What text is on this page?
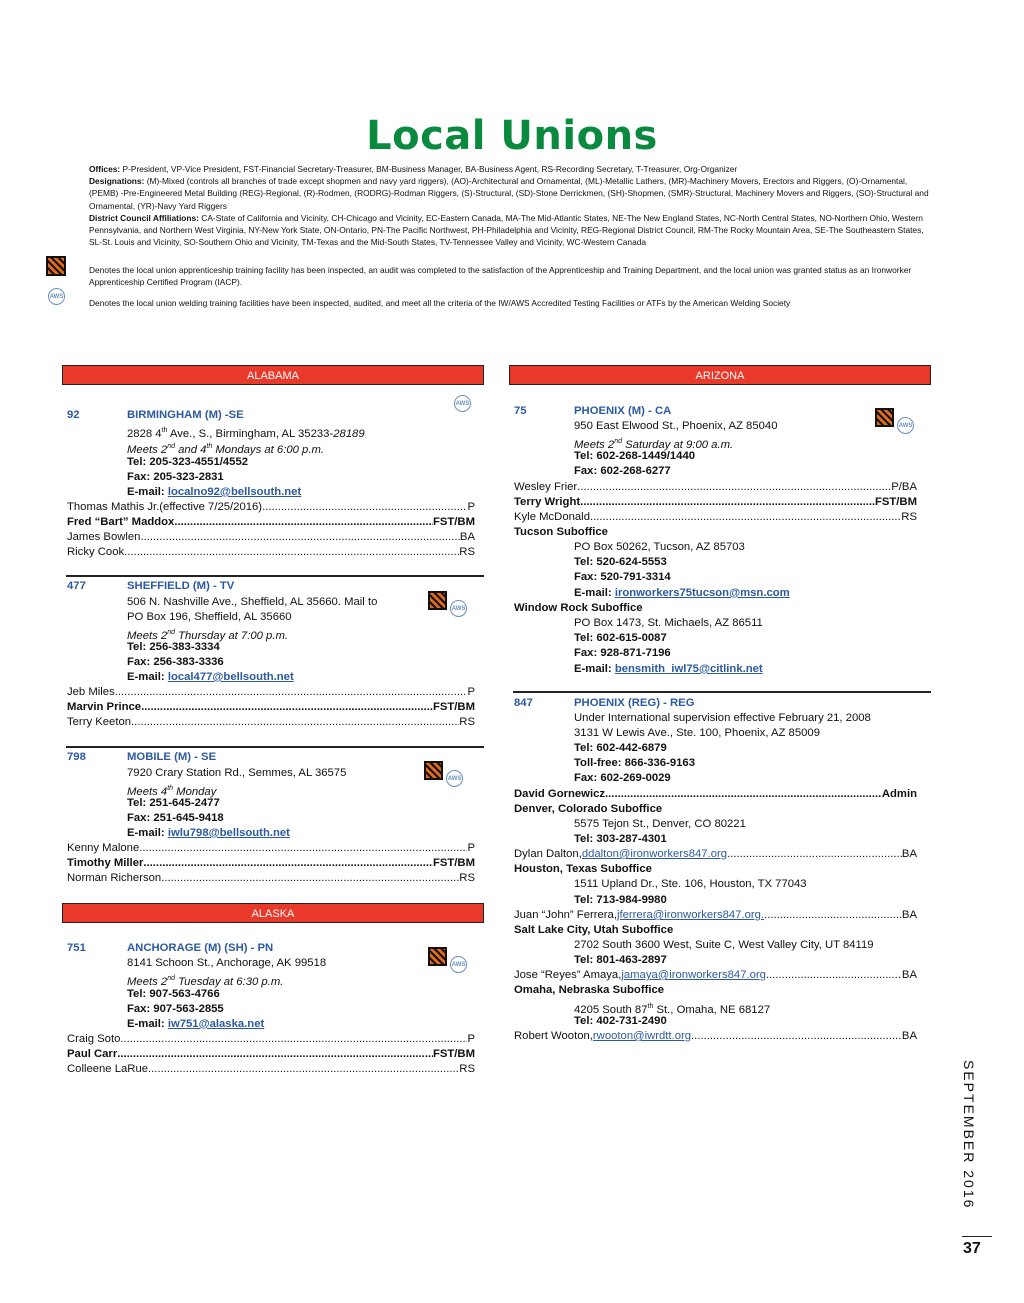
Local Unions

Offices: P-President, VP-Vice President, FST-Financial Secretary-Treasurer, BM-Business Manager, BA-Business Agent, RS-Recording Secretary, T-Treasurer, Org-Organizer

Designations: (M)-Mixed (controls all branches of trade except shopmen and navy yard riggers), (AO)-Architectural and Ornamental, (ML)-Metallic Lathers, (MR)-Machinery Movers, Erectors and Riggers, (O)-Ornamental, (PEMB) -Pre-Engineered Metal Building (REG)-Regional, (R)-Rodmen, (RODRG)-Rodman Riggers, (S)-Structural, (SD)-Stone Derrickmen, (SH)-Shopmen, (SMR)-Structural, Machinery Movers and Riggers, (SO)-Structural and Ornamental, (YR)-Navy Yard Riggers

District Council Affiliations: CA-State of California and Vicinity, CH-Chicago and Vicinity, EC-Eastern Canada, MA-The Mid-Atlantic States, NE-The New England States, NC-North Central States, NO-Northern Ohio, Western Pennsylvania, and Northern West Virginia, NY-New York State, ON-Ontario, PN-The Pacific Northwest, PH-Philadelphia and Vicinity, REG-Regional District Council, RM-The Rocky Mountain Area, SE-The Southeastern States, SL-St. Louis and Vicinity, SO-Southern Ohio and Vicinity, TM-Texas and the Mid-South States, TV-Tennessee Valley and Vicinity, WC-Western Canada

AWS
Denotes the local union apprenticeship training facility has been inspected, an audit was completed to the satisfaction of the Apprenticeship and Training Department, and the local union was granted status as an Ironworker Apprenticeship Certified Program (IACP).
Denotes the local union welding training facilities have been inspected, audited, and meet all the criteria of the IW/AWS Accredited Testing Facilities or ATFs by the American Welding Society
ALABAMA
AWS
92	BIRMINGHAM (M) -SE
2828 4th Ave., S., Birmingham, AL 35233-28189
Meets 2nd and 4th Mondays at 6:00 p.m.
Tel: 205-323-4551/4552
Fax: 205-323-2831
E-mail: localno92@bellsouth.net
Thomas Mathis Jr.(effective 7/25/2016) .....	P
Fred “Bart” Maddox .....	FST/BM
James Bowlen .....	BA
Ricky Cook .....	RS
AWS
477	SHEFFIELD (M) - TV
506 N. Nashville Ave., Sheffield, AL 35660. Mail to
PO Box 196, Sheffield, AL 35660
Meets 2nd Thursday at 7:00 p.m.
Tel: 256-383-3334
Fax: 256-383-3336
E-mail: local477@bellsouth.net
Jeb Miles .....	P
Marvin Prince .....	FST/BM
Terry Keeton .....	RS
AWS
798	MOBILE (M) - SE
7920 Crary Station Rd., Semmes, AL 36575
Meets 4th Monday
Tel: 251-645-2477
Fax: 251-645-9418
E-mail: iwlu798@bellsouth.net
Kenny Malone .....	P
Timothy Miller .....	FST/BM
Norman Richerson .....	RS
ALASKA
AWS
751	ANCHORAGE (M) (SH) - PN
8141 Schoon St., Anchorage, AK 99518
Meets 2nd Tuesday at 6:30 p.m.
Tel: 907-563-4766
Fax: 907-563-2855
E-mail: iw751@alaska.net
Craig Soto .....	P
Paul Carr .....	FST/BM
Colleene LaRue .....	RS
ARIZONA
AWS
75	PHOENIX (M) - CA
950 East Elwood St., Phoenix, AZ 85040
Meets 2nd Saturday at 9:00 a.m.
Tel: 602-268-1449/1440
Fax: 602-268-6277
Wesley Frier .....	P/BA
Terry Wright .....	FST/BM
Kyle McDonald .....	RS
Tucson Suboffice
PO Box 50262, Tucson, AZ 85703
Tel: 520-624-5553
Fax: 520-791-3314
E-mail: ironworkers75tucson@msn.com
Window Rock Suboffice
PO Box 1473, St. Michaels, AZ 86511
Tel: 602-615-0087
Fax: 928-871-7196
E-mail: bensmith_iwl75@citlink.net
847	PHOENIX (REG) - REG
Under International supervision effective February 21, 2008
3131 W Lewis Ave., Ste. 100, Phoenix, AZ 85009
Tel: 602-442-6879
Toll-free: 866-336-9163
Fax: 602-269-0029
David Gornewicz .....	Admin
Denver, Colorado Suboffice
5575 Tejon St., Denver, CO 80221
Tel: 303-287-4301
Dylan Dalton, ddalton@ironworkers847.org .....	BA
Houston, Texas Suboffice
1511 Upland Dr., Ste. 106, Houston, TX 77043
Tel: 713-984-9980
Juan “John” Ferrera, jferrera@ironworkers847.org. .....	BA
Salt Lake City, Utah Suboffice
2702 South 3600 West, Suite C, West Valley City, UT 84119
Tel: 801-463-2897
Jose “Reyes” Amaya, jamaya@ironworkers847.org .....	BA
Omaha, Nebraska Suboffice
4205 South 87th St., Omaha, NE 68127
Tel: 402-731-2490
Robert Wooton, rwooton@iwrdtt.org .....	BA
SEPTEMBER 2016
37
